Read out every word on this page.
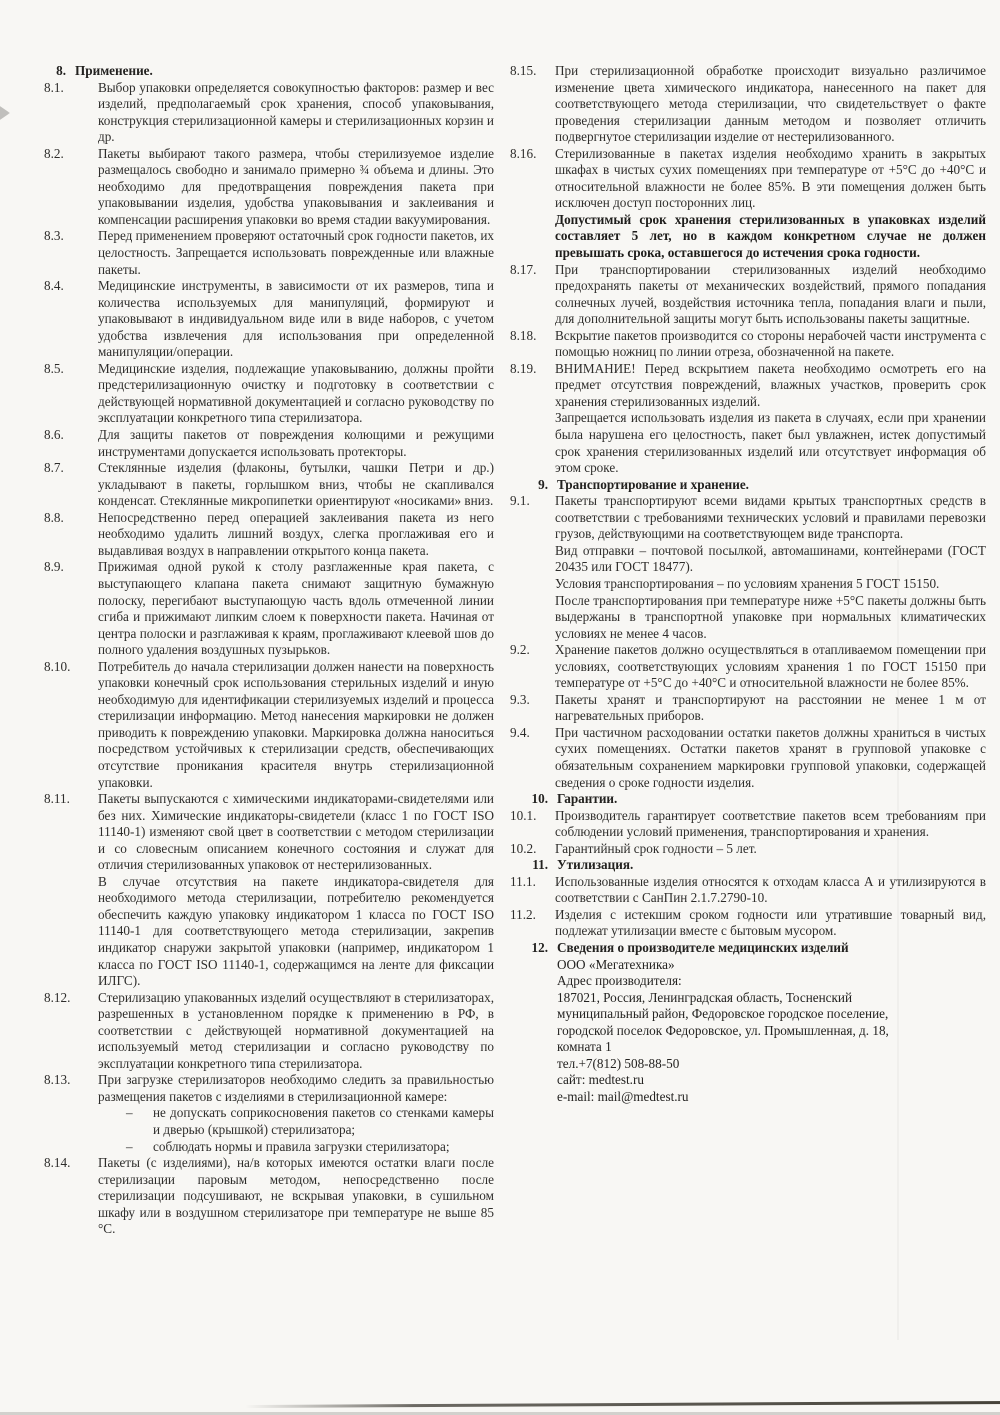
8. Применение.

8.1.	Выбор упаковки определяется совокупностью факторов: размер и вес изделий, предполагаемый срок хранения, способ упаковывания, конструкция стерилизационной камеры и стерилизационных корзин и др.

8.2.	Пакеты выбирают такого размера, чтобы стерилизуемое изделие размещалось свободно и занимало примерно ¾ объема и длины. Это необходимо для предотвращения повреждения пакета при упаковывании изделия, удобства упаковывания и заклеивания и компенсации расширения упаковки во время стадии вакуумирования.

8.3.	Перед применением проверяют остаточный срок годности пакетов, их целостность. Запрещается использовать поврежденные или влажные пакеты.

8.4.	Медицинские инструменты, в зависимости от их размеров, типа и количества используемых для манипуляций, формируют и упаковывают в индивидуальном виде или в виде наборов, с учетом удобства извлечения для использования при определенной манипуляции/операции.

8.5.	Медицинские изделия, подлежащие упаковыванию, должны пройти предстерилизационную очистку и подготовку в соответствии с действующей нормативной документацией и согласно руководству по эксплуатации конкретного типа стерилизатора.

8.6.	Для защиты пакетов от повреждения колющими и режущими инструментами допускается использовать протекторы.

8.7.	Стеклянные изделия (флаконы, бутылки, чашки Петри и др.) укладывают в пакеты, горлышком вниз, чтобы не скапливался конденсат. Стеклянные микропипетки ориентируют «носиками» вниз.

8.8.	Непосредственно перед операцией заклеивания пакета из него необходимо удалить лишний воздух, слегка проглаживая его и выдавливая воздух в направлении открытого конца пакета.

8.9.	Прижимая одной рукой к столу разглаженные края пакета, с выступающего клапана пакета снимают защитную бумажную полоску, перегибают выступающую часть вдоль отмеченной линии сгиба и прижимают липким слоем к поверхности пакета. Начиная от центра полоски и разглаживая к краям, проглаживают клеевой шов до полного удаления воздушных пузырьков.

8.10.	Потребитель до начала стерилизации должен нанести на поверхность упаковки конечный срок использования стерильных изделий и иную необходимую для идентификации стерилизуемых изделий и процесса стерилизации информацию. Метод нанесения маркировки не должен приводить к повреждению упаковки. Маркировка должна наноситься посредством устойчивых к стерилизации средств, обеспечивающих отсутствие проникания красителя внутрь стерилизационной упаковки.

8.11.	Пакеты выпускаются с химическими индикаторами-свидетелями или без них. Химические индикаторы-свидетели (класс 1 по ГОСТ ISO 11140-1) изменяют свой цвет в соответствии с методом стерилизации и со словесным описанием конечного состояния и служат для отличия стерилизованных упаковок от нестерилизованных.

В случае отсутствия на пакете индикатора-свидетеля для необходимого метода стерилизации, потребителю рекомендуется обеспечить каждую упаковку индикатором 1 класса по ГОСТ ISO 11140-1 для соответствующего метода стерилизации, закрепив индикатор снаружи закрытой упаковки (например, индикатором 1 класса по ГОСТ ISO 11140-1, содержащимся на ленте для фиксации ИЛГС).

8.12.	Стерилизацию упакованных изделий осуществляют в стерилизаторах, разрешенных в установленном порядке к применению в РФ, в соответствии с действующей нормативной документацией на используемый метод стерилизации и согласно руководству по эксплуатации конкретного типа стерилизатора.

8.13.	При загрузке стерилизаторов необходимо следить за правильностью размещения пакетов с изделиями в стерилизационной камере:

–	не допускать соприкосновения пакетов со стенками камеры и дверью (крышкой) стерилизатора;

–	соблюдать нормы и правила загрузки стерилизатора;

8.14.	Пакеты (с изделиями), на/в которых имеются остатки влаги после стерилизации паровым методом, непосредственно после стерилизации подсушивают, не вскрывая упаковки, в сушильном шкафу или в воздушном стерилизаторе при температуре не выше 85 °С.

8.15.	При стерилизационной обработке происходит визуально различимое изменение цвета химического индикатора, нанесенного на пакет для соответствующего метода стерилизации, что свидетельствует о факте проведения стерилизации данным методом и позволяет отличить подвергнутое стерилизации изделие от нестерилизованного.

8.16.	Стерилизованные в пакетах изделия необходимо хранить в закрытых шкафах в чистых сухих помещениях при температуре от +5°С до +40°С и относительной влажности не более 85%. В эти помещения должен быть исключен доступ посторонних лиц.

Допустимый срок хранения стерилизованных в упаковках изделий составляет 5 лет, но в каждом конкретном случае не должен превышать срока, оставшегося до истечения срока годности.

8.17.	При транспортировании стерилизованных изделий необходимо предохранять пакеты от механических воздействий, прямого попадания солнечных лучей, воздействия источника тепла, попадания влаги и пыли, для дополнительной защиты могут быть использованы пакеты защитные.

8.18.	Вскрытие пакетов производится со стороны нерабочей части инструмента с помощью ножниц по линии отреза, обозначенной на пакете.

8.19.	ВНИМАНИЕ! Перед вскрытием пакета необходимо осмотреть его на предмет отсутствия повреждений, влажных участков, проверить срок хранения стерилизованных изделий.

Запрещается использовать изделия из пакета в случаях, если при хранении была нарушена его целостность, пакет был увлажнен, истек допустимый срок хранения стерилизованных изделий или отсутствует информация об этом сроке.

9. Транспортирование и хранение.

9.1.	Пакеты транспортируют всеми видами крытых транспортных средств в соответствии с требованиями технических условий и правилами перевозки грузов, действующими на соответствующем виде транспорта.

Вид отправки – почтовой посылкой, автомашинами, контейнерами (ГОСТ 20435 или ГОСТ 18477).

Условия транспортирования – по условиям хранения 5 ГОСТ 15150.

После транспортирования при температуре ниже +5°С пакеты должны быть выдержаны в транспортной упаковке при нормальных климатических условиях не менее 4 часов.

9.2.	Хранение пакетов должно осуществляться в отапливаемом помещении при условиях, соответствующих условиям хранения 1 по ГОСТ 15150 при температуре от +5°С до +40°С и относительной влажности не более 85%.

9.3.	Пакеты хранят и транспортируют на расстоянии не менее 1 м от нагревательных приборов.

9.4.	При частичном расходовании остатки пакетов должны храниться в чистых сухих помещениях. Остатки пакетов хранят в групповой упаковке с обязательным сохранением маркировки групповой упаковки, содержащей сведения о сроке годности изделия.

10. Гарантии.

10.1.	Производитель гарантирует соответствие пакетов всем требованиям при соблюдении условий применения, транспортирования и хранения.

10.2.	Гарантийный срок годности – 5 лет.

11. Утилизация.

11.1.	Использованные изделия относятся к отходам класса А и утилизируются в соответствии с СанПин 2.1.7.2790-10.

11.2.	Изделия с истекшим сроком годности или утратившие товарный вид, подлежат утилизации вместе с бытовым мусором.

12. Сведения о производителе медицинских изделий

ООО «Мегатехника»

Адрес производителя:

187021, Россия, Ленинградская область, Тосненский

муниципальный район, Федоровское городское поселение,

городской поселок Федоровское, ул. Промышленная, д. 18,

комната 1

тел.+7(812) 508-88-50

сайт: medtest.ru

e-mail: mail@medtest.ru
